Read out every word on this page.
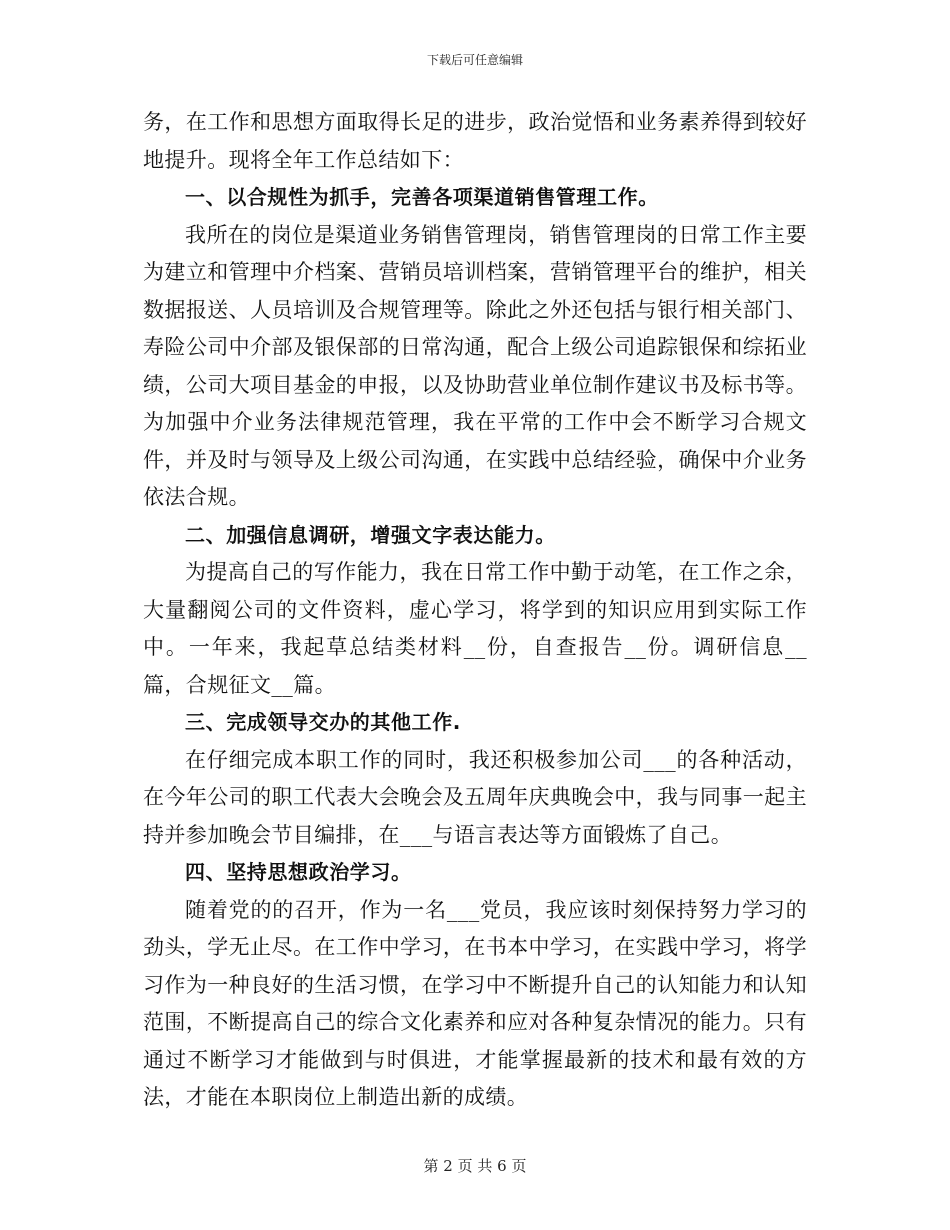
下载后可任意编辑

务，在工作和思想方面取得长足的进步，政治觉悟和业务素养得到较好地提升。现将全年工作总结如下：

一、以合规性为抓手，完善各项渠道销售管理工作。

我所在的岗位是渠道业务销售管理岗，销售管理岗的日常工作主要为建立和管理中介档案、营销员培训档案，营销管理平台的维护，相关数据报送、人员培训及合规管理等。除此之外还包括与银行相关部门、寿险公司中介部及银保部的日常沟通，配合上级公司追踪银保和综拓业绩，公司大项目基金的申报，以及协助营业单位制作建议书及标书等。为加强中介业务法律规范管理，我在平常的工作中会不断学习合规文件，并及时与领导及上级公司沟通，在实践中总结经验，确保中介业务依法合规。

二、加强信息调研，增强文字表达能力。

为提高自己的写作能力，我在日常工作中勤于动笔，在工作之余，大量翻阅公司的文件资料，虚心学习，将学到的知识应用到实际工作中。一年来，我起草总结类材料__份，自查报告__份。调研信息__篇，合规征文__篇。

三、完成领导交办的其他工作.

在仔细完成本职工作的同时，我还积极参加公司___的各种活动，在今年公司的职工代表大会晚会及五周年庆典晚会中，我与同事一起主持并参加晚会节目编排，在___与语言表达等方面锻炼了自己。

四、坚持思想政治学习。

随着党的的召开，作为一名___党员，我应该时刻保持努力学习的劲头，学无止尽。在工作中学习，在书本中学习，在实践中学习，将学习作为一种良好的生活习惯，在学习中不断提升自己的认知能力和认知范围，不断提高自己的综合文化素养和应对各种复杂情况的能力。只有通过不断学习才能做到与时俱进，才能掌握最新的技术和最有效的方法，才能在本职岗位上制造出新的成绩。

第 2 页 共 6 页
